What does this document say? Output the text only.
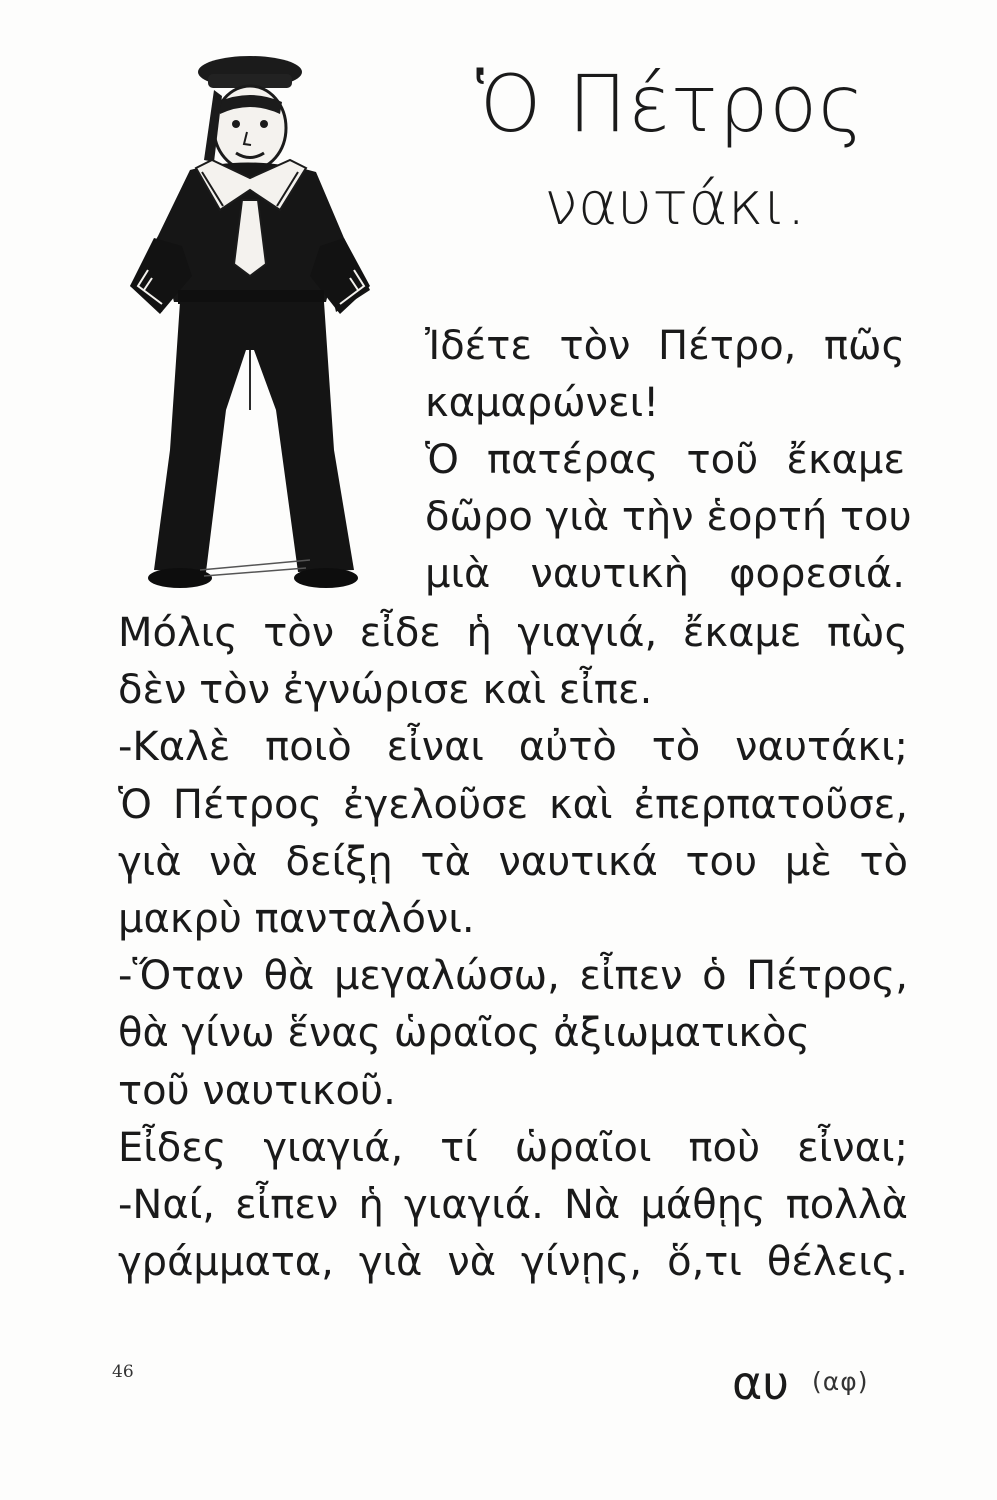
Ὁ Πέτρος
ναυτάκι.
Ἰδέτε τὸν Πέτρο, πῶς
καμαρώνει!
Ὁ πατέρας τοῦ ἔκαμε
δῶρο γιὰ τὴν ἑορτή του
μιὰ ναυτικὴ φορεσιά.
Μόλις τὸν εἶδε ἡ γιαγιά, ἔκαμε πὼς
δὲν τὸν ἐγνώρισε καὶ εἶπε.
-Καλὲ ποιὸ εἶναι αὐτὸ τὸ ναυτάκι;
Ὁ Πέτρος ἐγελοῦσε καὶ ἐπερπατοῦσε,
γιὰ νὰ δείξῃ τὰ ναυτικά του μὲ τὸ
μακρὺ πανταλόνι.
-Ὅταν θὰ μεγαλώσω, εἶπεν ὁ Πέτρος,
θὰ γίνω ἕνας ὡραῖος ἀξιωματικὸς
τοῦ ναυτικοῦ.
Εἶδες γιαγιά, τί ὡραῖοι ποὺ εἶναι;
-Ναί, εἶπεν ἡ γιαγιά. Νὰ μάθῃς πολλὰ
γράμματα, γιὰ νὰ γίνῃς, ὅ,τι θέλεις.
46	αυ (αφ)
